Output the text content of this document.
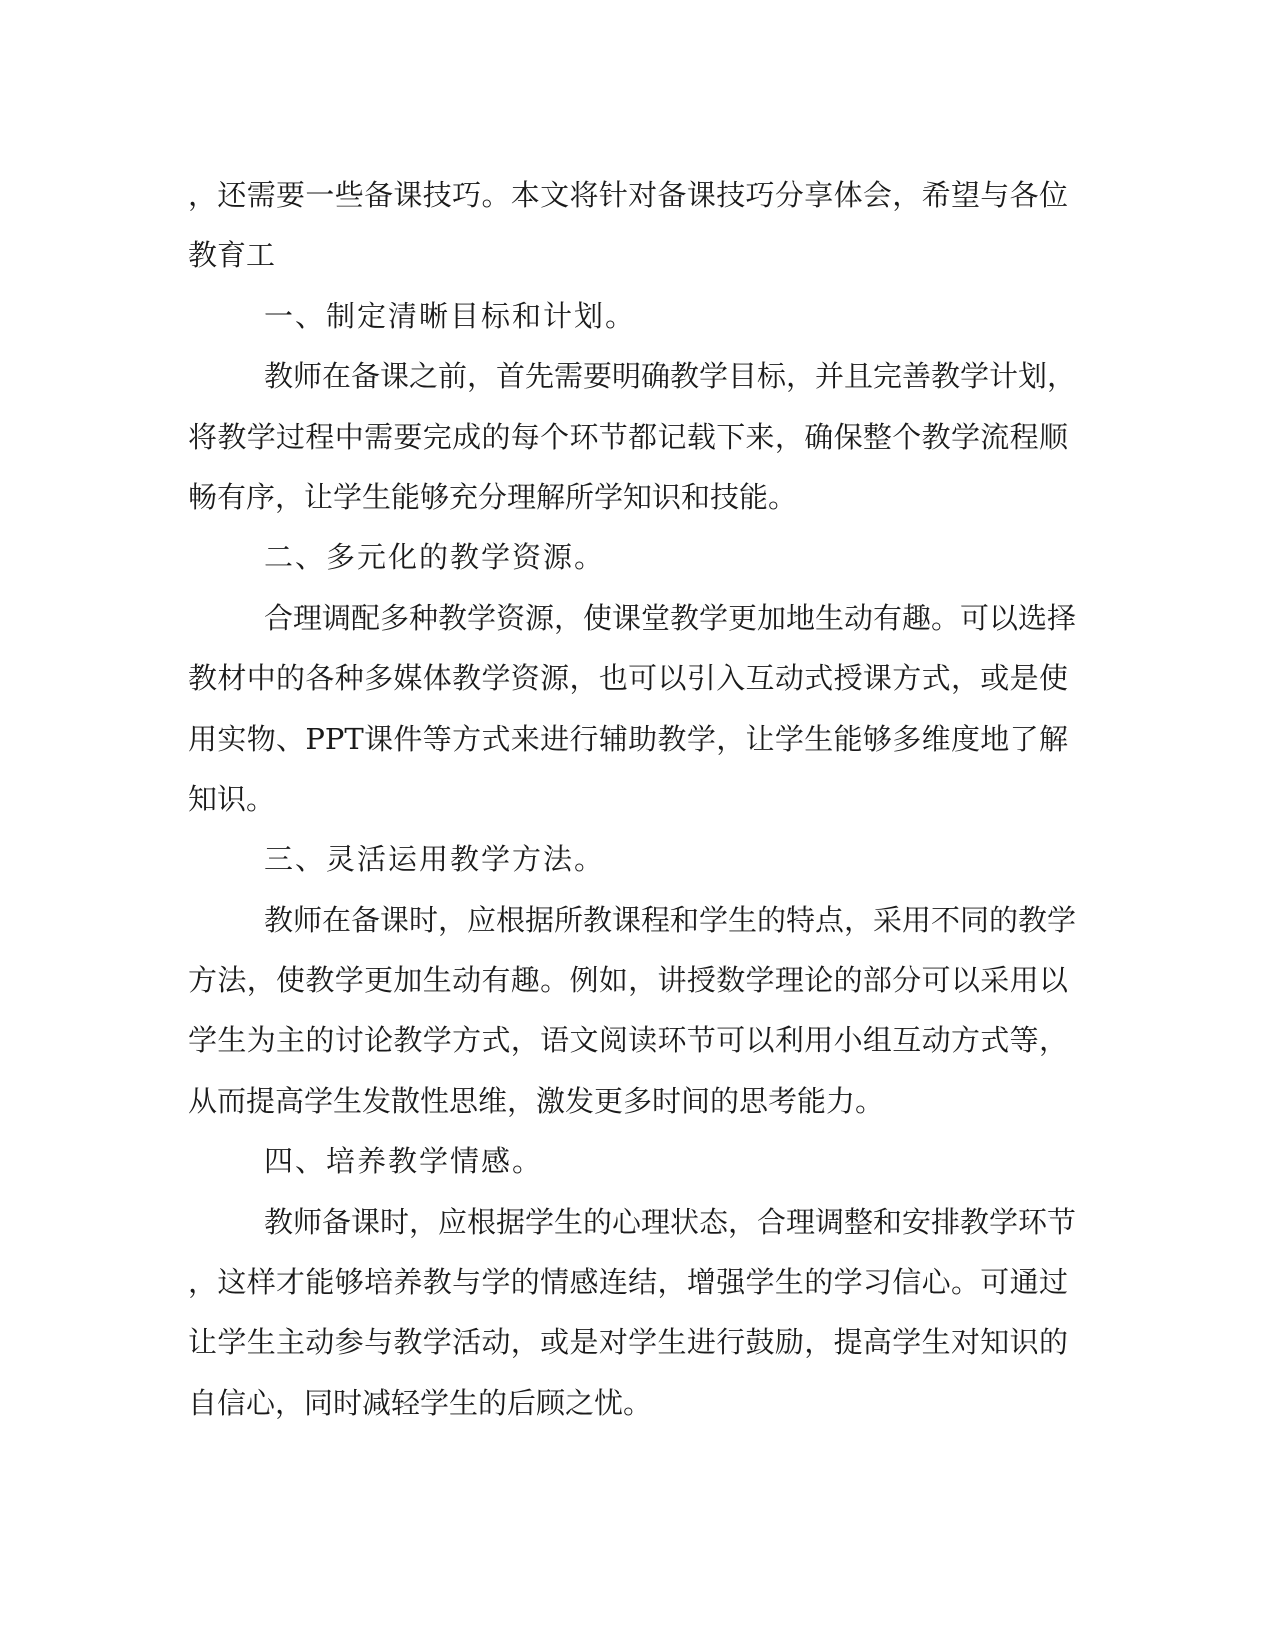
，还需要一些备课技巧。本文将针对备课技巧分享体会，希望与各位
教育工
一、制定清晰目标和计划。
教师在备课之前，首先需要明确教学目标，并且完善教学计划，
将教学过程中需要完成的每个环节都记载下来，确保整个教学流程顺
畅有序，让学生能够充分理解所学知识和技能。
二、多元化的教学资源。
合理调配多种教学资源，使课堂教学更加地生动有趣。可以选择
教材中的各种多媒体教学资源，也可以引入互动式授课方式，或是使
用实物、PPT课件等方式来进行辅助教学，让学生能够多维度地了解
知识。
三、灵活运用教学方法。
教师在备课时，应根据所教课程和学生的特点，采用不同的教学
方法，使教学更加生动有趣。例如，讲授数学理论的部分可以采用以
学生为主的讨论教学方式，语文阅读环节可以利用小组互动方式等，
从而提高学生发散性思维，激发更多时间的思考能力。
四、培养教学情感。
教师备课时，应根据学生的心理状态，合理调整和安排教学环节
，这样才能够培养教与学的情感连结，增强学生的学习信心。可通过
让学生主动参与教学活动，或是对学生进行鼓励，提高学生对知识的
自信心，同时减轻学生的后顾之忧。
